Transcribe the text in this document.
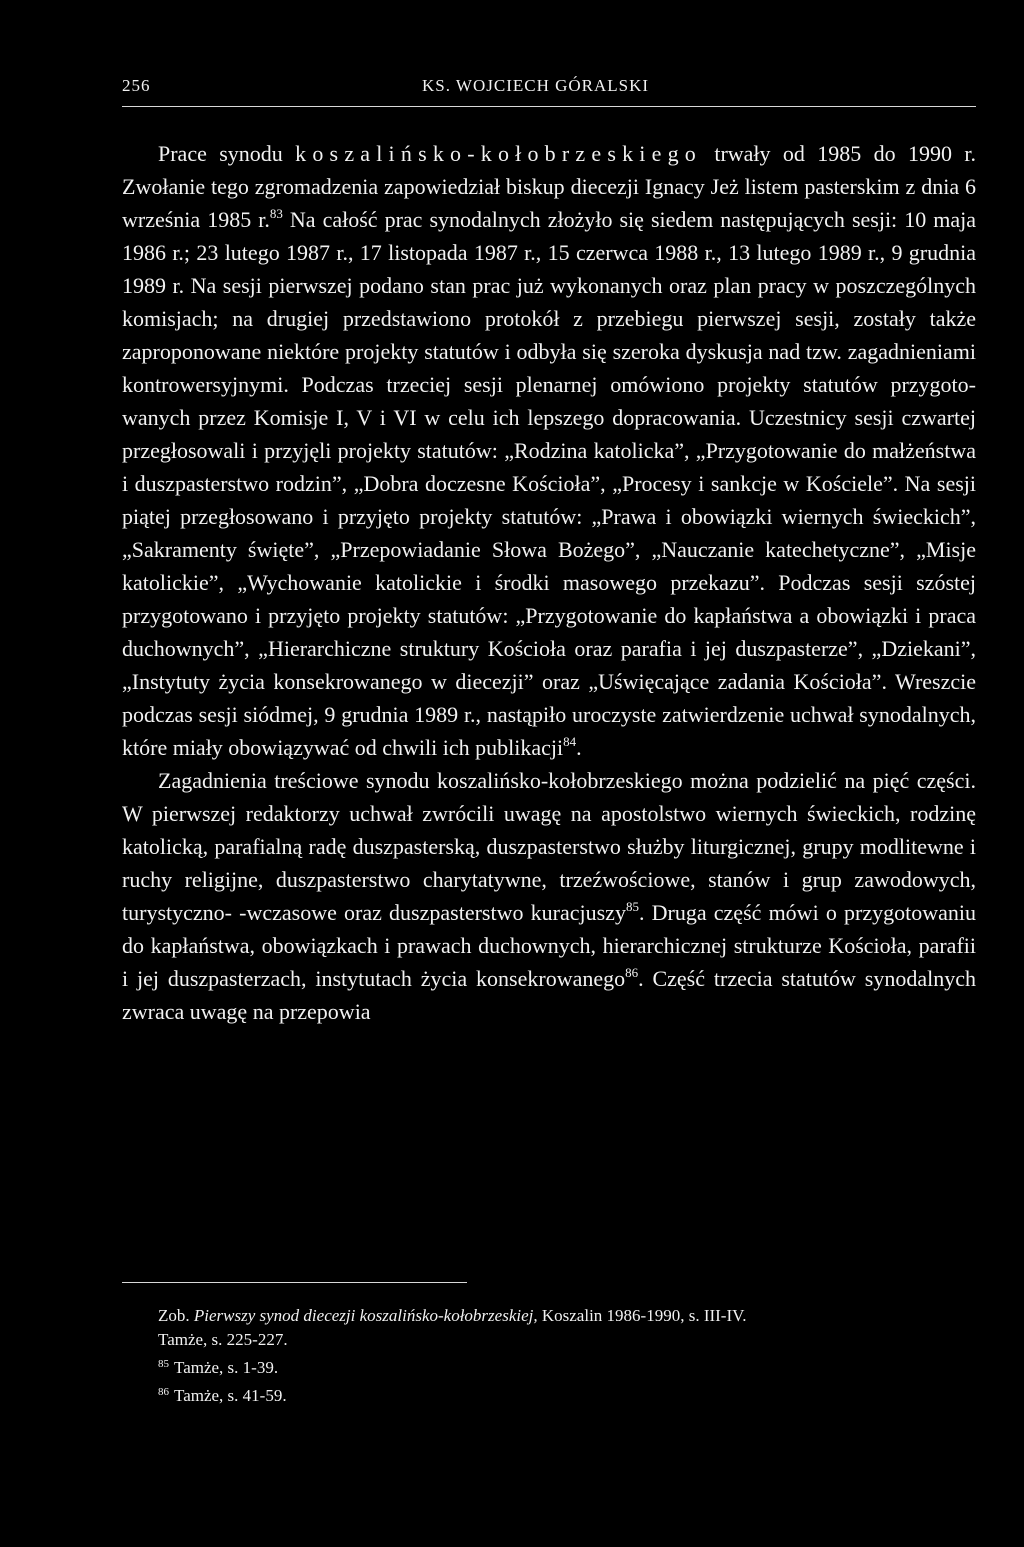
256	KS. WOJCIECH GÓRALSKI

Prace synodu koszalińsko-kołobrzeskiego trwały od 1985 do 1990 r. Zwołanie tego zgromadzenia zapowiedział biskup diecezji Ignacy Jeż listem pasterskim z dnia 6 września 1985 r.$^{83}$ Na całość prac synodalnych złożyło się siedem następujących sesji: 10 maja 1986 r.; 23 lutego 1987 r., 17 listopada 1987 r., 15 czerwca 1988 r., 13 lutego 1989 r., 9 grudnia 1989 r. Na sesji pierwszej podano stan prac już wykonanych oraz plan pracy w poszczególnych komisjach; na drugiej przedstawiono protokół z przebiegu pierwszej sesji, zostały także zaproponowane niektóre projekty statutów i odbyła się szeroka dyskusja nad tzw. zagadnieniami kontrowersyjnymi. Podczas trzeciej sesji plenarnej omówiono projekty statutów przygotowanych przez Komisje I, V i VI w celu ich lepszego dopracowania. Uczestnicy sesji czwartej przegłosowali i przyjęli projekty statutów: „Rodzina katolicka”, „Przygotowanie do małżeństwa i duszpasterstwo rodzin”, „Dobra doczesne Kościoła”, „Procesy i sankcje w Kościele”. Na sesji piątej przegłosowano i przyjęto projekty statutów: „Prawa i obowiązki wiernych świeckich”, „Sakramenty święte”, „Przepowiadanie Słowa Bożego”, „Nauczanie katechetyczne”, „Misje katolickie”, „Wychowanie katolickie i środki masowego przekazu”. Podczas sesji szóstej przygotowano i przyjęto projekty statutów: „Przygotowanie do kapłaństwa a obowiązki i praca duchownych”, „Hierarchiczne struktury Kościoła oraz parafia i jej duszpasterze”, „Dziekani”, „Instytuty życia konsekrowanego w diecezji” oraz „Uświęcające zadania Kościoła”. Wreszcie podczas sesji siódmej, 9 grudnia 1989 r., nastąpiło uroczyste zatwierdzenie uchwał synodalnych, które miały obowiązywać od chwili ich publikacji$^{84}$.

Zagadnienia treściowe synodu koszalińsko-kołobrzeskiego można podzielić na pięć części. W pierwszej redaktorzy uchwał zwrócili uwagę na apostolstwo wiernych świeckich, rodzinę katolicką, parafialną radę duszpasterską, duszpasterstwo służby liturgicznej, grupy modlitewne i ruchy religijne, duszpasterstwo charytatywne, trzeźwościowe, stanów i grup zawodowych, turystyczno- -wczasowe oraz duszpasterstwo kuracjuszy$^{85}$. Druga część mówi o przygotowaniu do kapłaństwa, obowiązkach i prawach duchownych, hierarchicznej strukturze Kościoła, parafii i jej duszpasterzach, instytutach życia konsekrowanego$^{86}$. Część trzecia statutów synodalnych zwraca uwagę na przepowia

Zob. Pierwszy synod diecezji koszalińsko-kołobrzeskiej, Koszalin 1986-1990, s. III-IV.
Tamże, s. 225-227.
$^{85}$ Tamże, s. 1-39.
$^{86}$ Tamże, s. 41-59.
